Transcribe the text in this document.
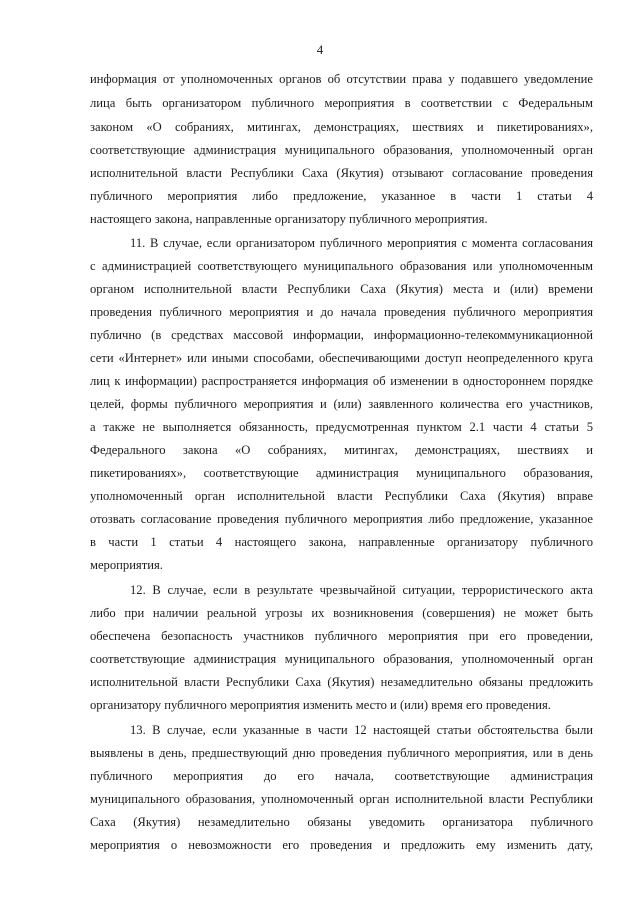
4
информация от уполномоченных органов об отсутствии права у подавшего уведомление
лица быть организатором публичного мероприятия в соответствии с Федеральным
законом «О собраниях, митингах, демонстрациях, шествиях и пикетированиях»,
соответствующие администрация муниципального образования, уполномоченный орган
исполнительной власти Республики Саха (Якутия) отзывают согласование проведения
публичного мероприятия либо предложение, указанное в части 1 статьи 4
настоящего закона, направленные организатору публичного мероприятия.
11. В случае, если организатором публичного мероприятия с момента согласования
с администрацией соответствующего муниципального образования или уполномоченным
органом исполнительной власти Республики Саха (Якутия) места и (или) времени
проведения публичного мероприятия и до начала проведения публичного мероприятия
публично (в средствах массовой информации, информационно-телекоммуникационной
сети «Интернет» или иными способами, обеспечивающими доступ неопределенного круга
лиц к информации) распространяется информация об изменении в одностороннем порядке
целей, формы публичного мероприятия и (или) заявленного количества его участников,
а также не выполняется обязанность, предусмотренная пунктом 2.1 части 4 статьи 5
Федерального закона «О собраниях, митингах, демонстрациях, шествиях и
пикетированиях», соответствующие администрация муниципального образования,
уполномоченный орган исполнительной власти Республики Саха (Якутия) вправе
отозвать согласование проведения публичного мероприятия либо предложение, указанное
в части 1 статьи 4 настоящего закона, направленные организатору публичного
мероприятия.
12. В случае, если в результате чрезвычайной ситуации, террористического акта
либо при наличии реальной угрозы их возникновения (совершения) не может быть
обеспечена безопасность участников публичного мероприятия при его проведении,
соответствующие администрация муниципального образования, уполномоченный орган
исполнительной власти Республики Саха (Якутия) незамедлительно обязаны предложить
организатору публичного мероприятия изменить место и (или) время его проведения.
13. В случае, если указанные в части 12 настоящей статьи обстоятельства были
выявлены в день, предшествующий дню проведения публичного мероприятия, или в день
публичного мероприятия до его начала, соответствующие администрация
муниципального образования, уполномоченный орган исполнительной власти Республики
Саха (Якутия) незамедлительно обязаны уведомить организатора публичного
мероприятия о невозможности его проведения и предложить ему изменить дату,
